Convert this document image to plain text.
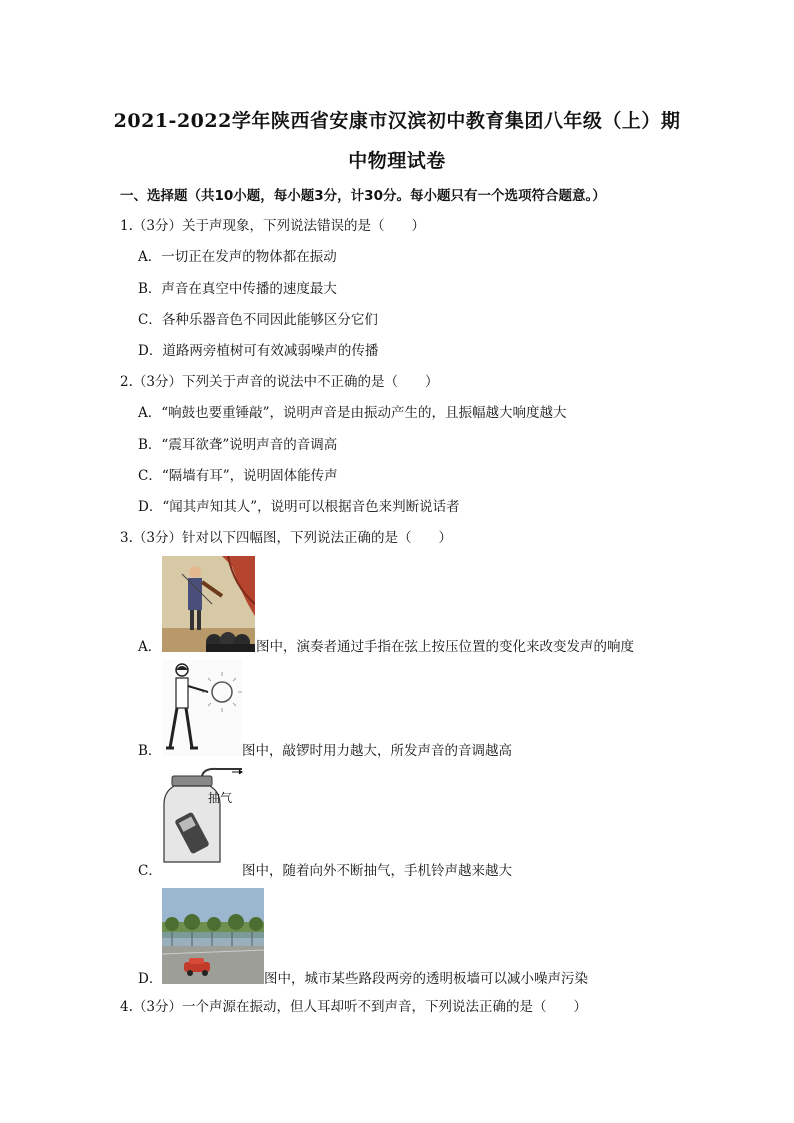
2021-2022学年陕西省安康市汉滨初中教育集团八年级（上）期
中物理试卷
一、选择题（共10小题，每小题3分，计30分。每小题只有一个选项符合题意。）
1.（3分）关于声现象，下列说法错误的是（　　）
A．一切正在发声的物体都在振动
B．声音在真空中传播的速度最大
C．各种乐器音色不同因此能够区分它们
D．道路两旁植树可有效减弱噪声的传播
2.（3分）下列关于声音的说法中不正确的是（　　）
A．“响鼓也要重锤敲”，说明声音是由振动产生的，且振幅越大响度越大
B．“震耳欲聋”说明声音的音调高
C．“隔墙有耳”，说明固体能传声
D．“闻其声知其人”，说明可以根据音色来判断说话者
3.（3分）针对以下四幅图，下列说法正确的是（　　）
A．	图中，演奏者通过手指在弦上按压位置的变化来改变发声的响度
B．	图中，敲锣时用力越大，所发声音的音调越高
抽气
C．	图中，随着向外不断抽气，手机铃声越来越大
D．	图中，城市某些路段两旁的透明板墙可以减小噪声污染
4.（3分）一个声源在振动，但人耳却听不到声音，下列说法正确的是（　　）
